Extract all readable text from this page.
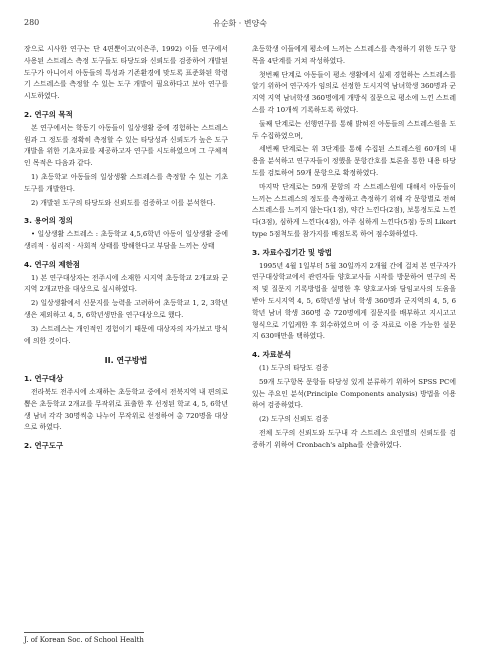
280	유순화 · 변양숙

장으로 시사한 연구는 단 4편뿐이고(이은주, 1992) 이들 연구에서 사용된 스트레스 측정 도구들도 타당도와 신뢰도를 검증하여 개발된 도구가 아니어서 아동들의 특성과 기존환경에 맞도록 표준화된 학령기 스트레스를 측정할 수 있는 도구 개발이 필요하다고 보아 연구를 시도하였다.

2. 연구의 목적

본 연구에서는 학동기 아동들이 일상생활 중에 경험하는 스트레스원과 그 정도를 정확히 측정할 수 있는 타당성과 신뢰도가 높은 도구개발을 위한 기초자료를 제공하고자 연구를 시도하였으며 그 구체적인 목적은 다음과 같다.

1) 초등학교 아동들의 일상생활 스트레스를 측정할 수 있는 기초 도구를 개발한다.

2) 개발된 도구의 타당도와 신뢰도를 검증하고 이를 분석한다.

3. 용어의 정의

• 일상생활 스트레스 : 초등학교 4,5,6학년 아동이 일상생활 중에 생리적 · 심리적 · 사회적 상태를 방해한다고 부담을 느끼는 상태

4. 연구의 제한점

1) 본 연구대상자는 전주시에 소재한 시지역 초등학교 2개교와 군지역 2개교만을 대상으로 실시하였다.

2) 일상생활에서 신문지를 능력을 고려하여 초등학교 1, 2, 3학년생은 제외하고 4, 5, 6학년생만을 연구대상으로 했다.

3) 스트레스는 개인적인 경험이기 때문에 대상자의 자가보고 방식에 의한 것이다.

II. 연구방법
1. 연구대상

전라북도 전주시에 소재하는 초등학교 중에서 전북지역 내 편의로 뽑은 초등학교 2개교를 무작위로 표출한 후 선정된 학교 4, 5, 6학년생 남녀 각각 30명씩총 나누어 무작위로 선정하여 총 720명을 대상으로 하였다.

2. 연구도구

초등학생 이들에게 평소에 느끼는 스트레스를 측정하기 위한 도구 항목을 4단계를 거쳐 작성하였다.

첫번째 단계로 아동들이 평소 생활에서 실제 경험하는 스트레스를 알기 위하여 연구자가 임의로 선정한 도시지역 남녀학생 360명과 군지역 지역 남녀학생 360명에게 개방식 질문으로 평소에 느낀 스트레스를 각 10개씩 기록하도록 하였다.

둘째 단계로는 선행연구를 통해 밝혀진 아동들의 스트레스원을 도두 수집하였으며,

세번째 단계로는 위 3단계를 통해 수집된 스트레스원 60개의 내용을 분석하고 연구자들이 정했을 문항간호를 토론을 통한 내용 타당도를 검토하여 59개 문항으로 확정하였다.

마지막 단계로는 59개 문항의 각 스트레스원에 대해서 아동들이 느끼는 스트레스의 정도를 측정하고 측정하기 위해 각 문항별로 전혀 스트레스를 느끼지 않는다(1점), 약간 느낀다(2점), 보통정도로 느낀다(3점), 심하게 느낀다(4점), 아주 심하게 느낀다(5점) 등의 Likert type 5점척도를 참가지를 배점도록 하여 점수화하였다.

3. 자료수집기간 및 방법

1995년 4월 1일부터 5월 30일까지 2개월 간에 걸쳐 본 연구자가 연구대상학교에서 관련자들 양호교사들 시작를 방문하여 연구의 목적 및 질문지 기록방법을 설명한 후 양호교사와 담임교사의 도움을 받아 도시지역 4, 5, 6학년생 남녀 학생 360명과 군지역의 4, 5, 6학년 남녀 학생 360명 총 720명에게 질문지를 배부하고 지시고고 형식으로 기입케한 후 회수하였으며 이 중 자료로 이용 가능한 설문지 630매만을 택하였다.

4. 자료분석

(1) 도구의 타당도 검증

59개 도구항목 문항들 타당성 있게 분류하기 위하여 SPSS PC에 있는 주요인 분석(Principle Components analysis) 방법을 이용하여 검증하였다.

(2) 도구의 신뢰도 검증

전체 도구의 신뢰도와 도구내 각 스트레스 요인별의 신뢰도를 검증하기 위하여 Cronbach's alpha를 산출하였다.

J. of Korean Soc. of School Health
